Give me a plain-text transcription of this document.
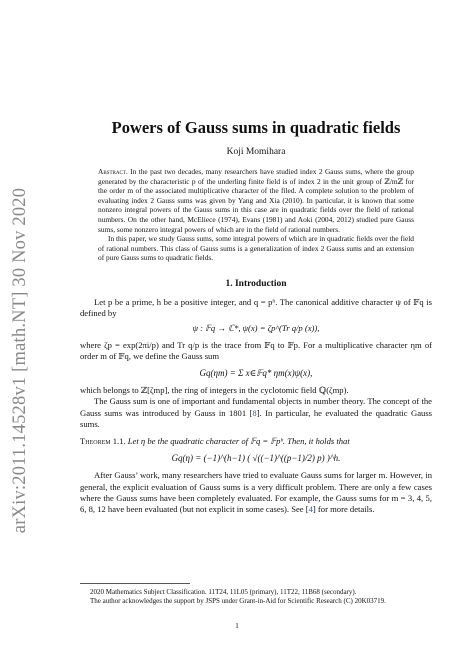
arXiv:2011.14528v1 [math.NT] 30 Nov 2020
Powers of Gauss sums in quadratic fields
Koji Momihara

Abstract. In the past two decades, many researchers have studied index 2 Gauss sums, where the group generated by the characteristic p of the underling finite field is of index 2 in the unit group of ℤ/mℤ for the order m of the associated multiplicative character of the filed. A complete solution to the problem of evaluating index 2 Gauss sums was given by Yang and Xia (2010). In particular, it is known that some nonzero integral powers of the Gauss sums in this case are in quadratic fields over the field of rational numbers. On the other hand, McEliece (1974), Evans (1981) and Aoki (2004, 2012) studied pure Gauss sums, some nonzero integral powers of which are in the field of rational numbers.

In this paper, we study Gauss sums, some integral powers of which are in quadratic fields over the field of rational numbers. This class of Gauss sums is a generalization of index 2 Gauss sums and an extension of pure Gauss sums to quadratic fields.

1. Introduction

Let p be a prime, h be a positive integer, and q = pʰ. The canonical additive character ψ of 𝔽q is defined by

ψ : 𝔽q → ℂ*, ψ(x) = ζp^(Tr q/p (x)),

where ζp = exp(2πi/p) and Tr q/p is the trace from 𝔽q to 𝔽p. For a multiplicative character ηm of order m of 𝔽q, we define the Gauss sum

Gq(ηm) = Σ x∈𝔽q* ηm(x)ψ(x),

which belongs to ℤ[ζmp], the ring of integers in the cyclotomic field ℚ(ζmp).

The Gauss sum is one of important and fundamental objects in number theory. The concept of the Gauss sums was introduced by Gauss in 1801 [8]. In particular, he evaluated the quadratic Gauss sums.

Theorem 1.1. Let η be the quadratic character of 𝔽q = 𝔽pʰ. Then, it holds that
Gq(η) = (−1)^(h−1) ( √((−1)^((p−1)/2) p) )^h.

After Gauss’ work, many researchers have tried to evaluate Gauss sums for larger m. However, in general, the explicit evaluation of Gauss sums is a very difficult problem. There are only a few cases where the Gauss sums have been completely evaluated. For example, the Gauss sums for m = 3, 4, 5, 6, 8, 12 have been evaluated (but not explicit in some cases). See [4] for more details.

2020 Mathematics Subject Classification. 11T24, 11L05 (primary), 11T22, 11B68 (secondary).

The author acknowledges the support by JSPS under Grant-in-Aid for Scientific Research (C) 20K03719.

1
